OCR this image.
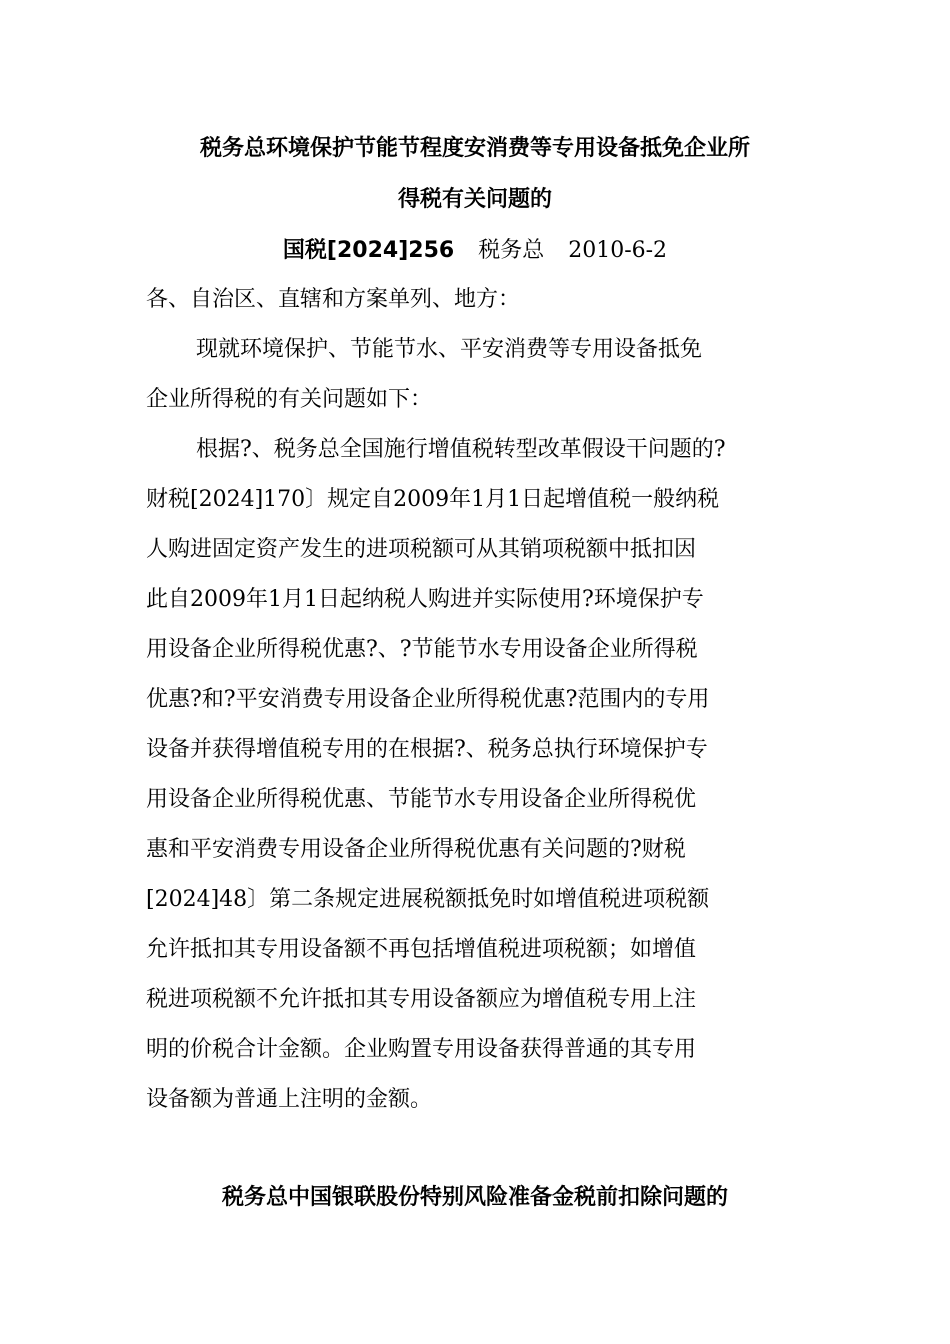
税务总环境保护节能节程度安消费等专用设备抵免企业所
得税有关问题的
国税[2024]256 税务总 2010-6-2
各、自治区、直辖和方案单列、地方：
现就环境保护、节能节水、平安消费等专用设备抵免
企业所得税的有关问题如下：
根据?、税务总全国施行增值税转型改革假设干问题的?
财税[2024]170〕规定自2009年1月1日起增值税一般纳税
人购进固定资产发生的进项税额可从其销项税额中抵扣因
此自2009年1月1日起纳税人购进并实际使用?环境保护专
用设备企业所得税优惠?、?节能节水专用设备企业所得税
优惠?和?平安消费专用设备企业所得税优惠?范围内的专用
设备并获得增值税专用的在根据?、税务总执行环境保护专
用设备企业所得税优惠、节能节水专用设备企业所得税优
惠和平安消费专用设备企业所得税优惠有关问题的?财税
[2024]48〕第二条规定进展税额抵免时如增值税进项税额
允许抵扣其专用设备额不再包括增值税进项税额；如增值
税进项税额不允许抵扣其专用设备额应为增值税专用上注
明的价税合计金额。企业购置专用设备获得普通的其专用
设备额为普通上注明的金额。
税务总中国银联股份特别风险准备金税前扣除问题的
